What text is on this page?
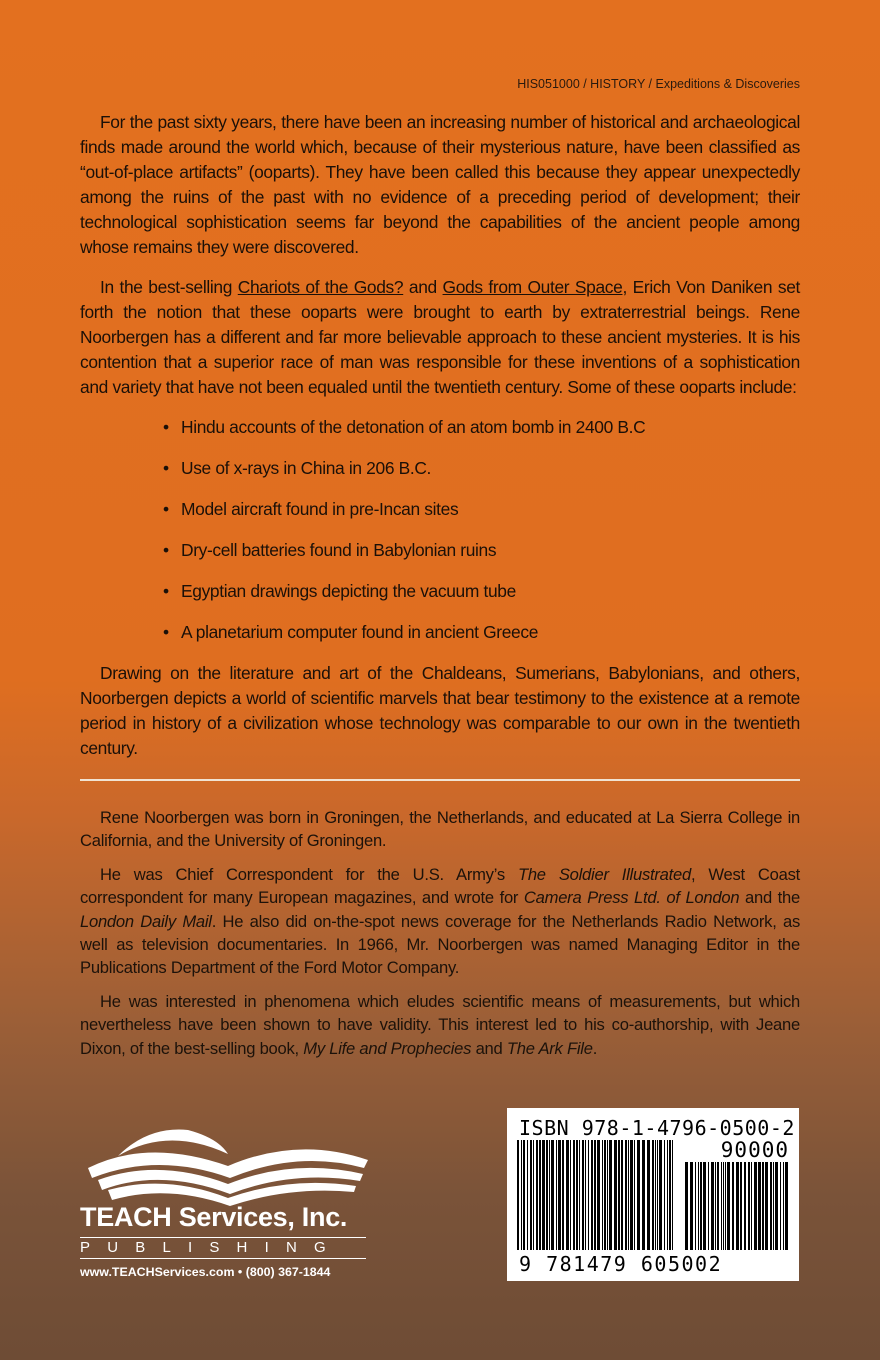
HIS051000 / HISTORY / Expeditions & Discoveries

For the past sixty years, there have been an increasing number of historical and archaeological finds made around the world which, because of their mysterious nature, have been classified as “out-of-place artifacts” (ooparts). They have been called this because they appear unexpectedly among the ruins of the past with no evidence of a preceding period of development; their technological sophistication seems far beyond the capabilities of the ancient people among whose remains they were discovered.

In the best-selling Chariots of the Gods? and Gods from Outer Space, Erich Von Daniken set forth the notion that these ooparts were brought to earth by extraterrestrial beings. Rene Noorbergen has a different and far more believable approach to these ancient mysteries. It is his contention that a superior race of man was responsible for these inventions of a sophistication and variety that have not been equaled until the twentieth century. Some of these ooparts include:

• Hindu accounts of the detonation of an atom bomb in 2400 B.C
• Use of x-rays in China in 206 B.C.
• Model aircraft found in pre-Incan sites
• Dry-cell batteries found in Babylonian ruins
• Egyptian drawings depicting the vacuum tube
• A planetarium computer found in ancient Greece

Drawing on the literature and art of the Chaldeans, Sumerians, Babylonians, and others, Noorbergen depicts a world of scientific marvels that bear testimony to the existence at a remote period in history of a civilization whose technology was comparable to our own in the twentieth century.

Rene Noorbergen was born in Groningen, the Netherlands, and educated at La Sierra College in California, and the University of Groningen.

He was Chief Correspondent for the U.S. Army’s The Soldier Illustrated, West Coast correspondent for many European magazines, and wrote for Camera Press Ltd. of London and the London Daily Mail. He also did on-the-spot news coverage for the Netherlands Radio Network, as well as television documentaries. In 1966, Mr. Noorbergen was named Managing Editor in the Publications Department of the Ford Motor Company.

He was interested in phenomena which eludes scientific means of measurements, but which nevertheless have been shown to have validity. This interest led to his co-authorship, with Jeane Dixon, of the best-selling book, My Life and Prophecies and The Ark File.

TEACH Services, Inc.
PUBLISHING
www.TEACHServices.com • (800) 367-1844
ISBN 978-1-4796-0500-2
90000
9 781479 605002
